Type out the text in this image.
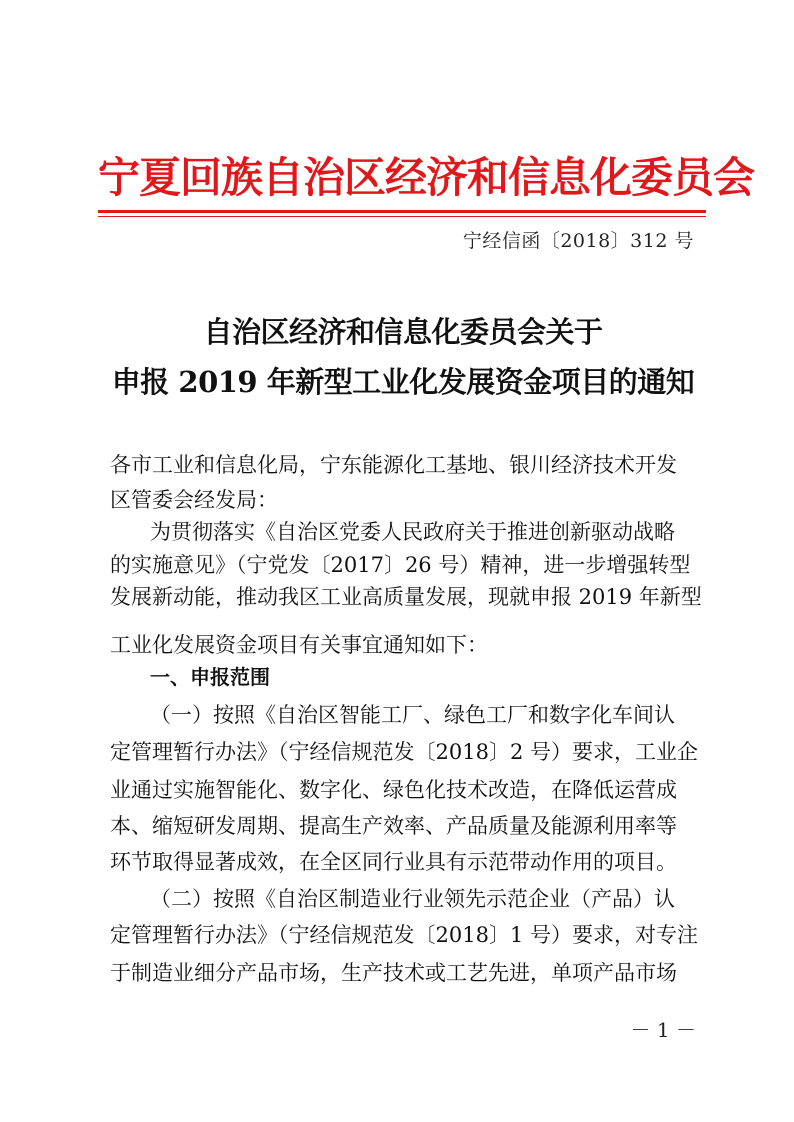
宁夏回族自治区经济和信息化委员会
宁经信函〔2018〕312 号
自治区经济和信息化委员会关于
申报 2019 年新型工业化发展资金项目的通知
各市工业和信息化局，宁东能源化工基地、银川经济技术开发
区管委会经发局：
为贯彻落实《自治区党委人民政府关于推进创新驱动战略
的实施意见》（宁党发〔2017〕26 号）精神，进一步增强转型
发展新动能，推动我区工业高质量发展，现就申报 2019 年新型
工业化发展资金项目有关事宜通知如下：
一、申报范围
（一）按照《自治区智能工厂、绿色工厂和数字化车间认
定管理暂行办法》（宁经信规范发〔2018〕2 号）要求，工业企
业通过实施智能化、数字化、绿色化技术改造，在降低运营成
本、缩短研发周期、提高生产效率、产品质量及能源利用率等
环节取得显著成效，在全区同行业具有示范带动作用的项目。
（二）按照《自治区制造业行业领先示范企业（产品）认
定管理暂行办法》（宁经信规范发〔2018〕1 号）要求，对专注
于制造业细分产品市场，生产技术或工艺先进，单项产品市场
－ 1 －
